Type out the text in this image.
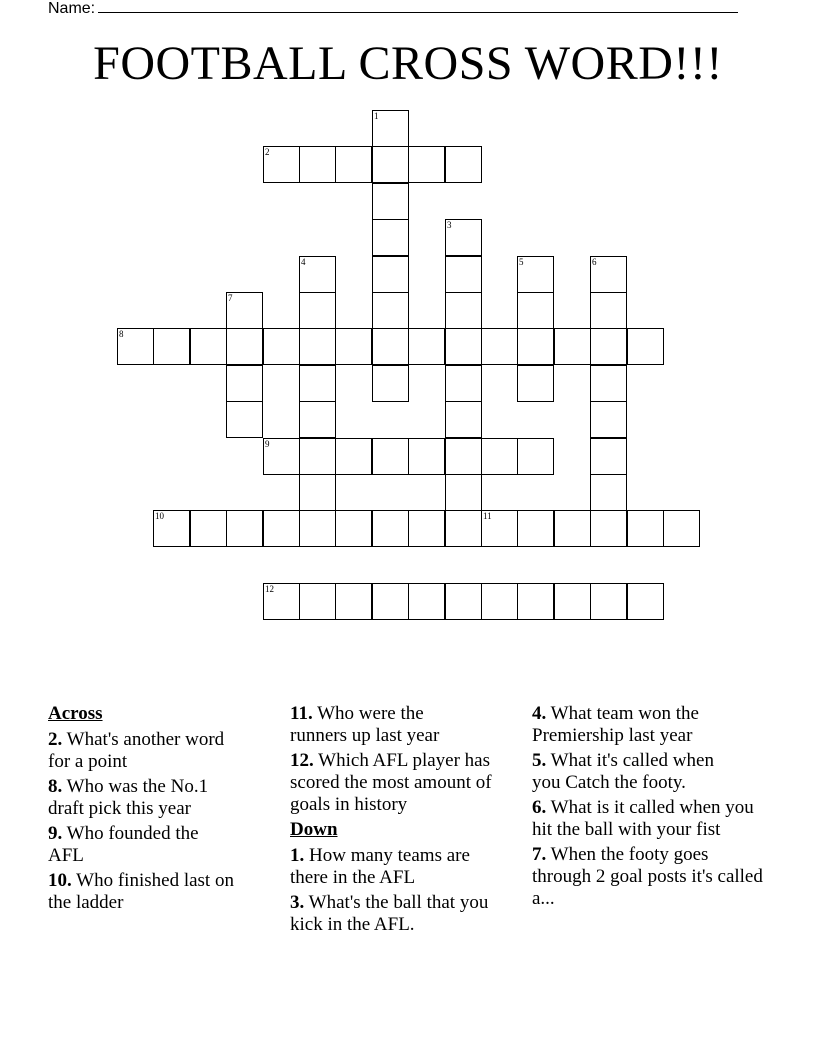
Name:
FOOTBALL CROSS WORD!!!
1
2
3
4	5	6
7
8
9
10	11
12
Across
2. What's another word for a point
8. Who was the No.1 draft pick this year
9. Who founded the AFL
10. Who finished last on the ladder
11. Who were the runners up last year
12. Which AFL player has scored the most amount of goals in history
Down
1. How many teams are there in the AFL
3. What's the ball that you kick in the AFL.
4. What team won the Premiership last year
5. What it's called when you Catch the footy.
6. What is it called when you hit the ball with your fist
7. When the footy goes through 2 goal posts it's called a...
